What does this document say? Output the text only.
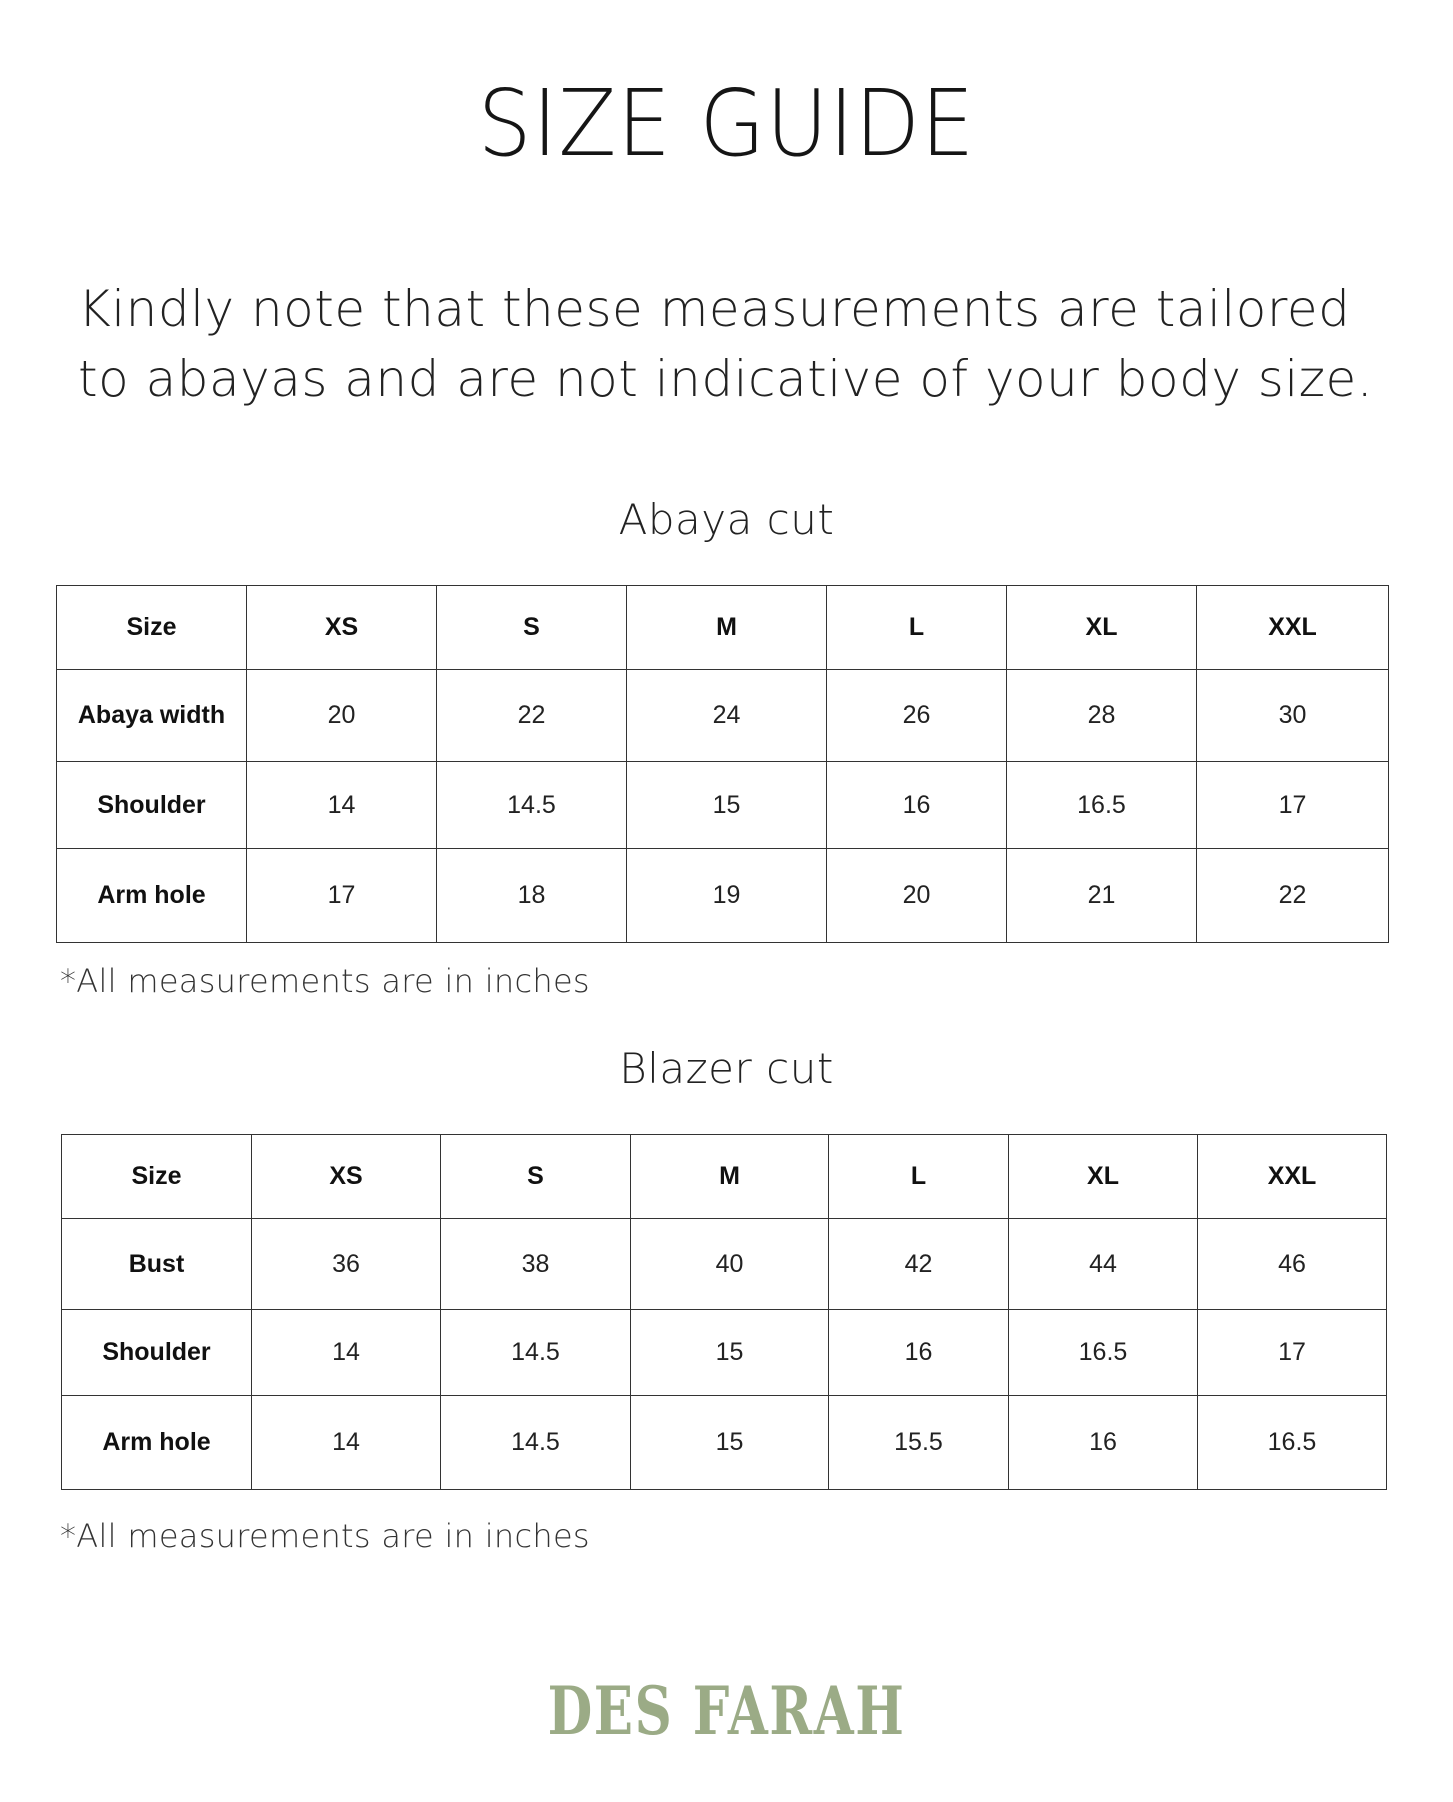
SIZE GUIDE
Kindly note that these measurements are tailored
to abayas and are not indicative of your body size.
Abaya cut
Size	XS	S	M	L	XL	XXL
Abaya width	20	22	24	26	28	30
Shoulder	14	14.5	15	16	16.5	17
Arm hole	17	18	19	20	21	22
*All measurements are in inches
Blazer cut
Size	XS	S	M	L	XL	XXL
Bust	36	38	40	42	44	46
Shoulder	14	14.5	15	16	16.5	17
Arm hole	14	14.5	15	15.5	16	16.5
*All measurements are in inches
DES FARAH
